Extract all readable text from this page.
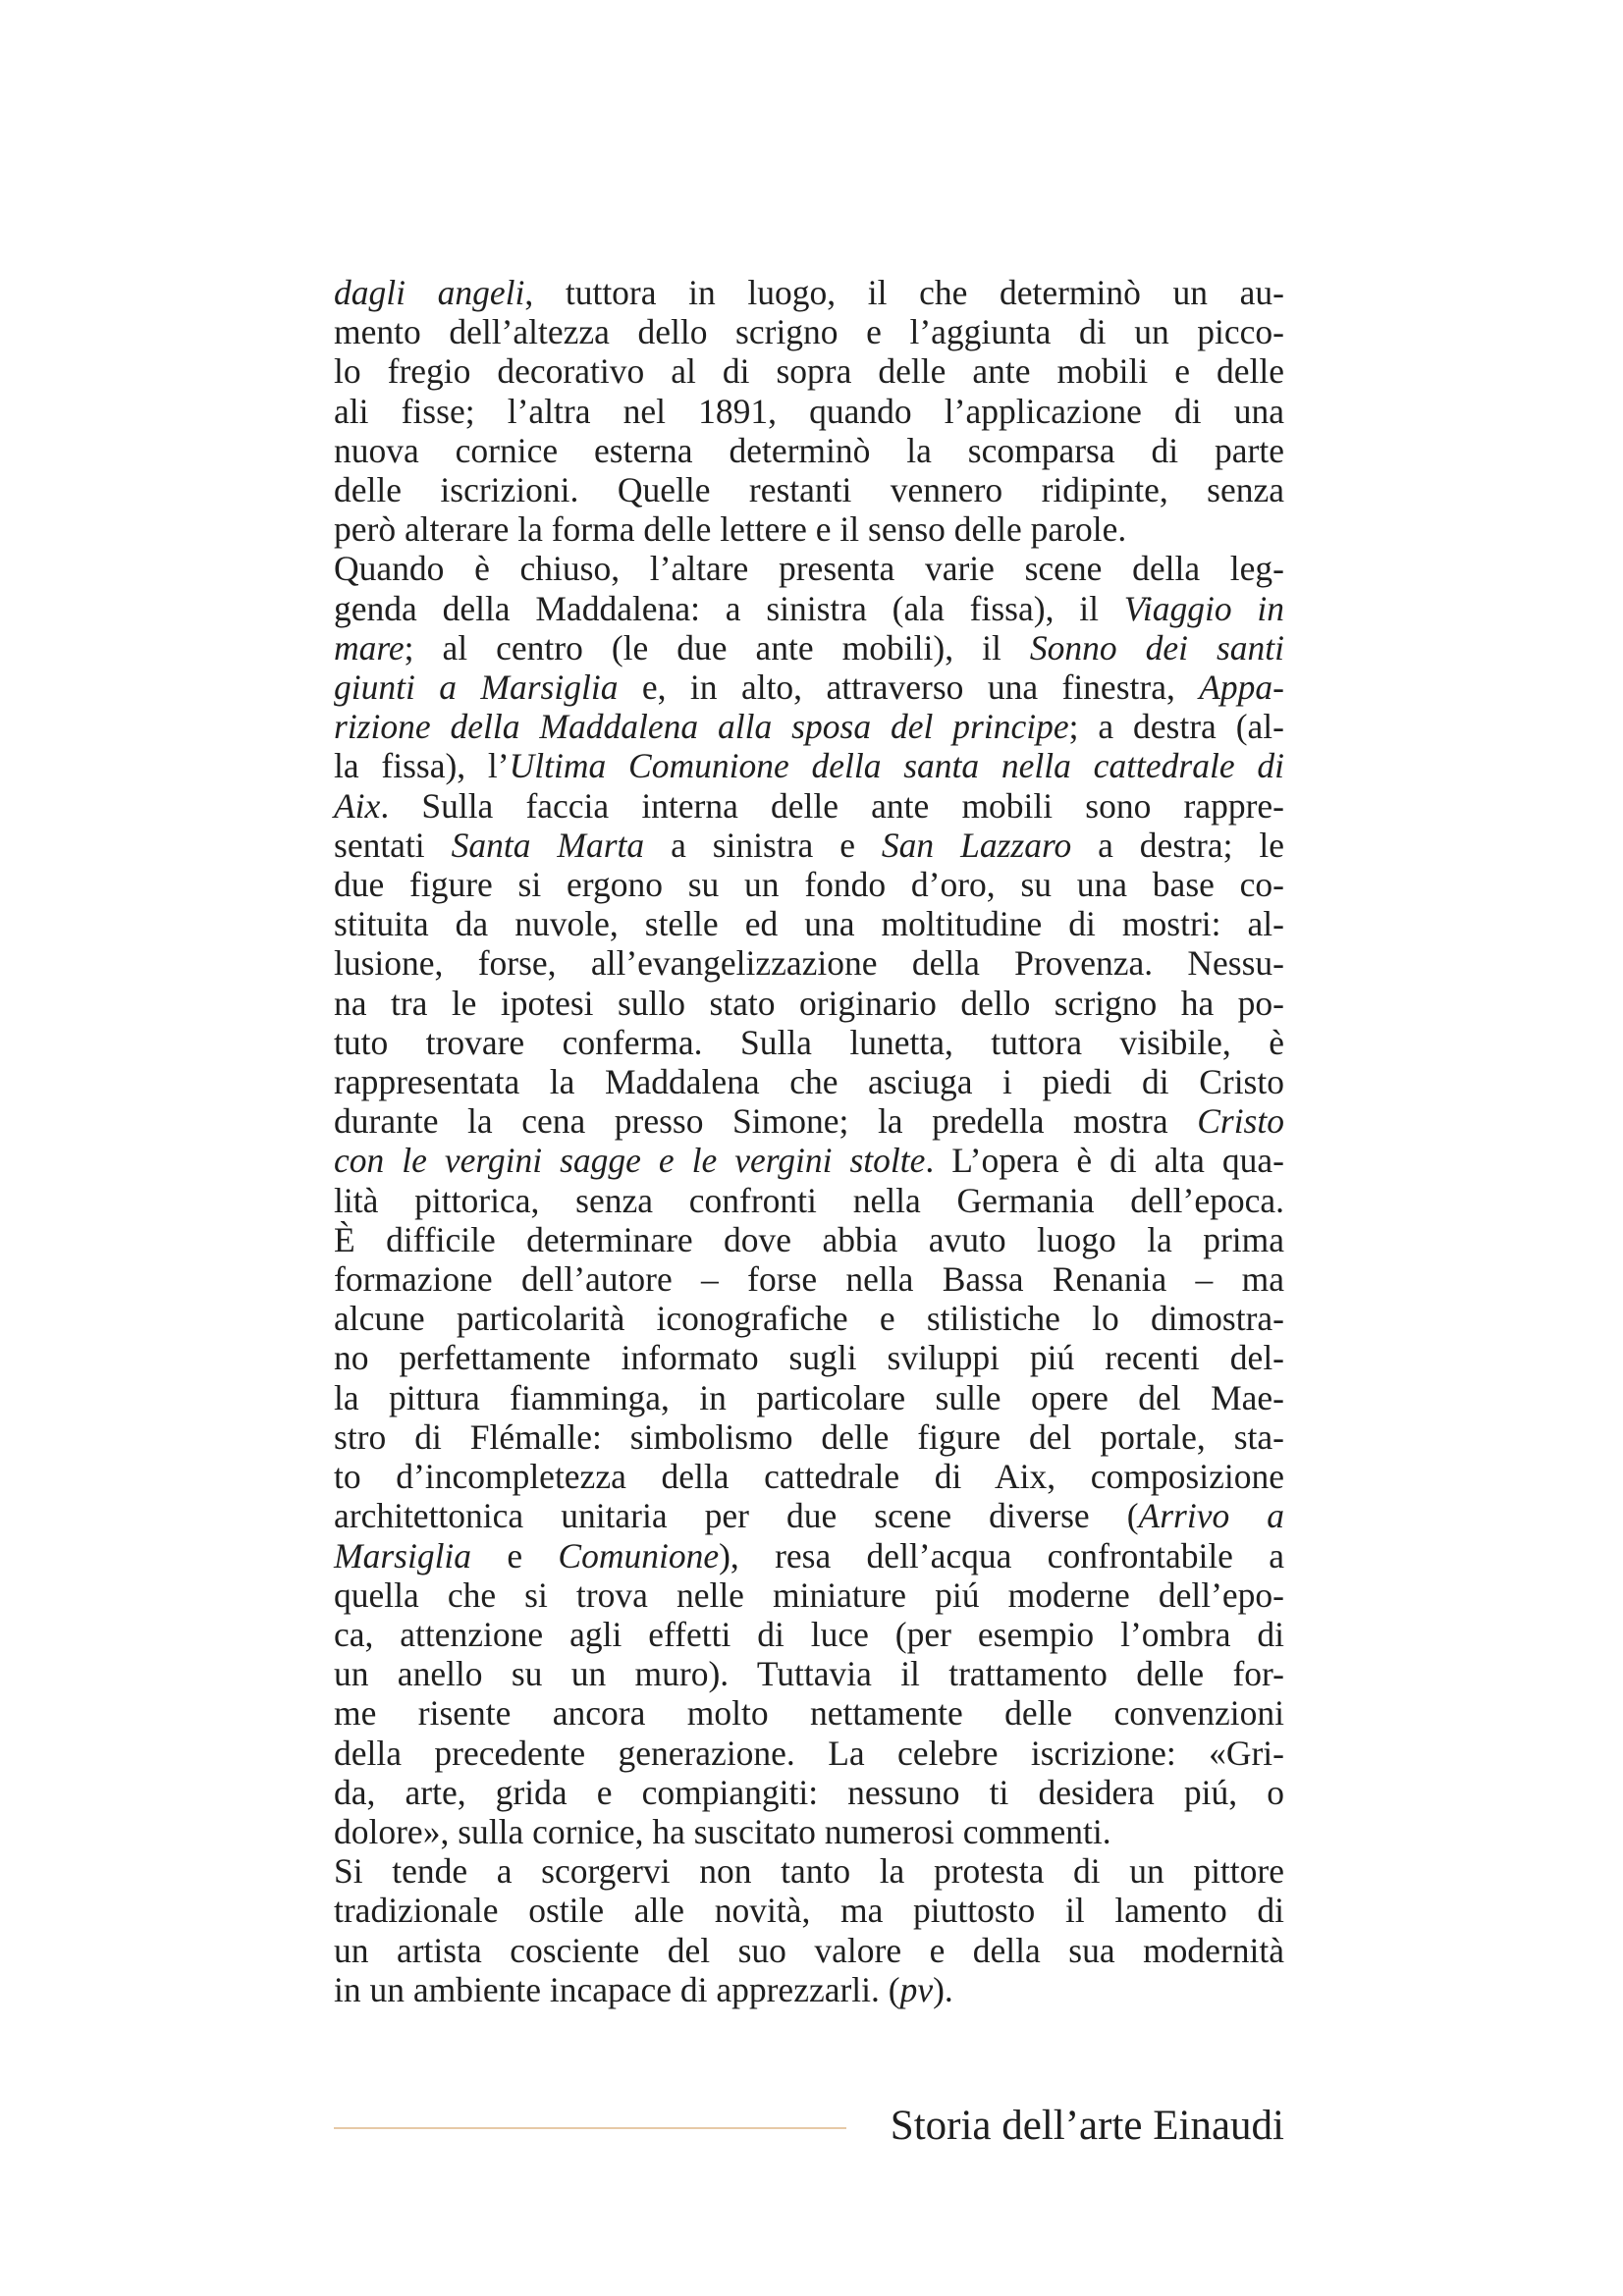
dagli angeli, tuttora in luogo, il che determinò un au-
mento dell’altezza dello scrigno e l’aggiunta di un picco-
lo fregio decorativo al di sopra delle ante mobili e delle
ali fisse; l’altra nel 1891, quando l’applicazione di una
nuova cornice esterna determinò la scomparsa di parte
delle iscrizioni. Quelle restanti vennero ridipinte, senza
però alterare la forma delle lettere e il senso delle parole.
Quando è chiuso, l’altare presenta varie scene della leg-
genda della Maddalena: a sinistra (ala fissa), il Viaggio in
mare; al centro (le due ante mobili), il Sonno dei santi
giunti a Marsiglia e, in alto, attraverso una finestra, Appa-
rizione della Maddalena alla sposa del principe; a destra (al-
la fissa), l’Ultima Comunione della santa nella cattedrale di
Aix. Sulla faccia interna delle ante mobili sono rappre-
sentati Santa Marta a sinistra e San Lazzaro a destra; le
due figure si ergono su un fondo d’oro, su una base co-
stituita da nuvole, stelle ed una moltitudine di mostri: al-
lusione, forse, all’evangelizzazione della Provenza. Nessu-
na tra le ipotesi sullo stato originario dello scrigno ha po-
tuto trovare conferma. Sulla lunetta, tuttora visibile, è
rappresentata la Maddalena che asciuga i piedi di Cristo
durante la cena presso Simone; la predella mostra Cristo
con le vergini sagge e le vergini stolte. L’opera è di alta qua-
lità pittorica, senza confronti nella Germania dell’epoca.
È difficile determinare dove abbia avuto luogo la prima
formazione dell’autore – forse nella Bassa Renania – ma
alcune particolarità iconografiche e stilistiche lo dimostra-
no perfettamente informato sugli sviluppi piú recenti del-
la pittura fiamminga, in particolare sulle opere del Mae-
stro di Flémalle: simbolismo delle figure del portale, sta-
to d’incompletezza della cattedrale di Aix, composizione
architettonica unitaria per due scene diverse (Arrivo a
Marsiglia e Comunione), resa dell’acqua confrontabile a
quella che si trova nelle miniature piú moderne dell’epo-
ca, attenzione agli effetti di luce (per esempio l’ombra di
un anello su un muro). Tuttavia il trattamento delle for-
me risente ancora molto nettamente delle convenzioni
della precedente generazione. La celebre iscrizione: «Gri-
da, arte, grida e compiangiti: nessuno ti desidera piú, o
dolore», sulla cornice, ha suscitato numerosi commenti.
Si tende a scorgervi non tanto la protesta di un pittore
tradizionale ostile alle novità, ma piuttosto il lamento di
un artista cosciente del suo valore e della sua modernità
in un ambiente incapace di apprezzarli. (pv).
Storia dell’arte Einaudi
